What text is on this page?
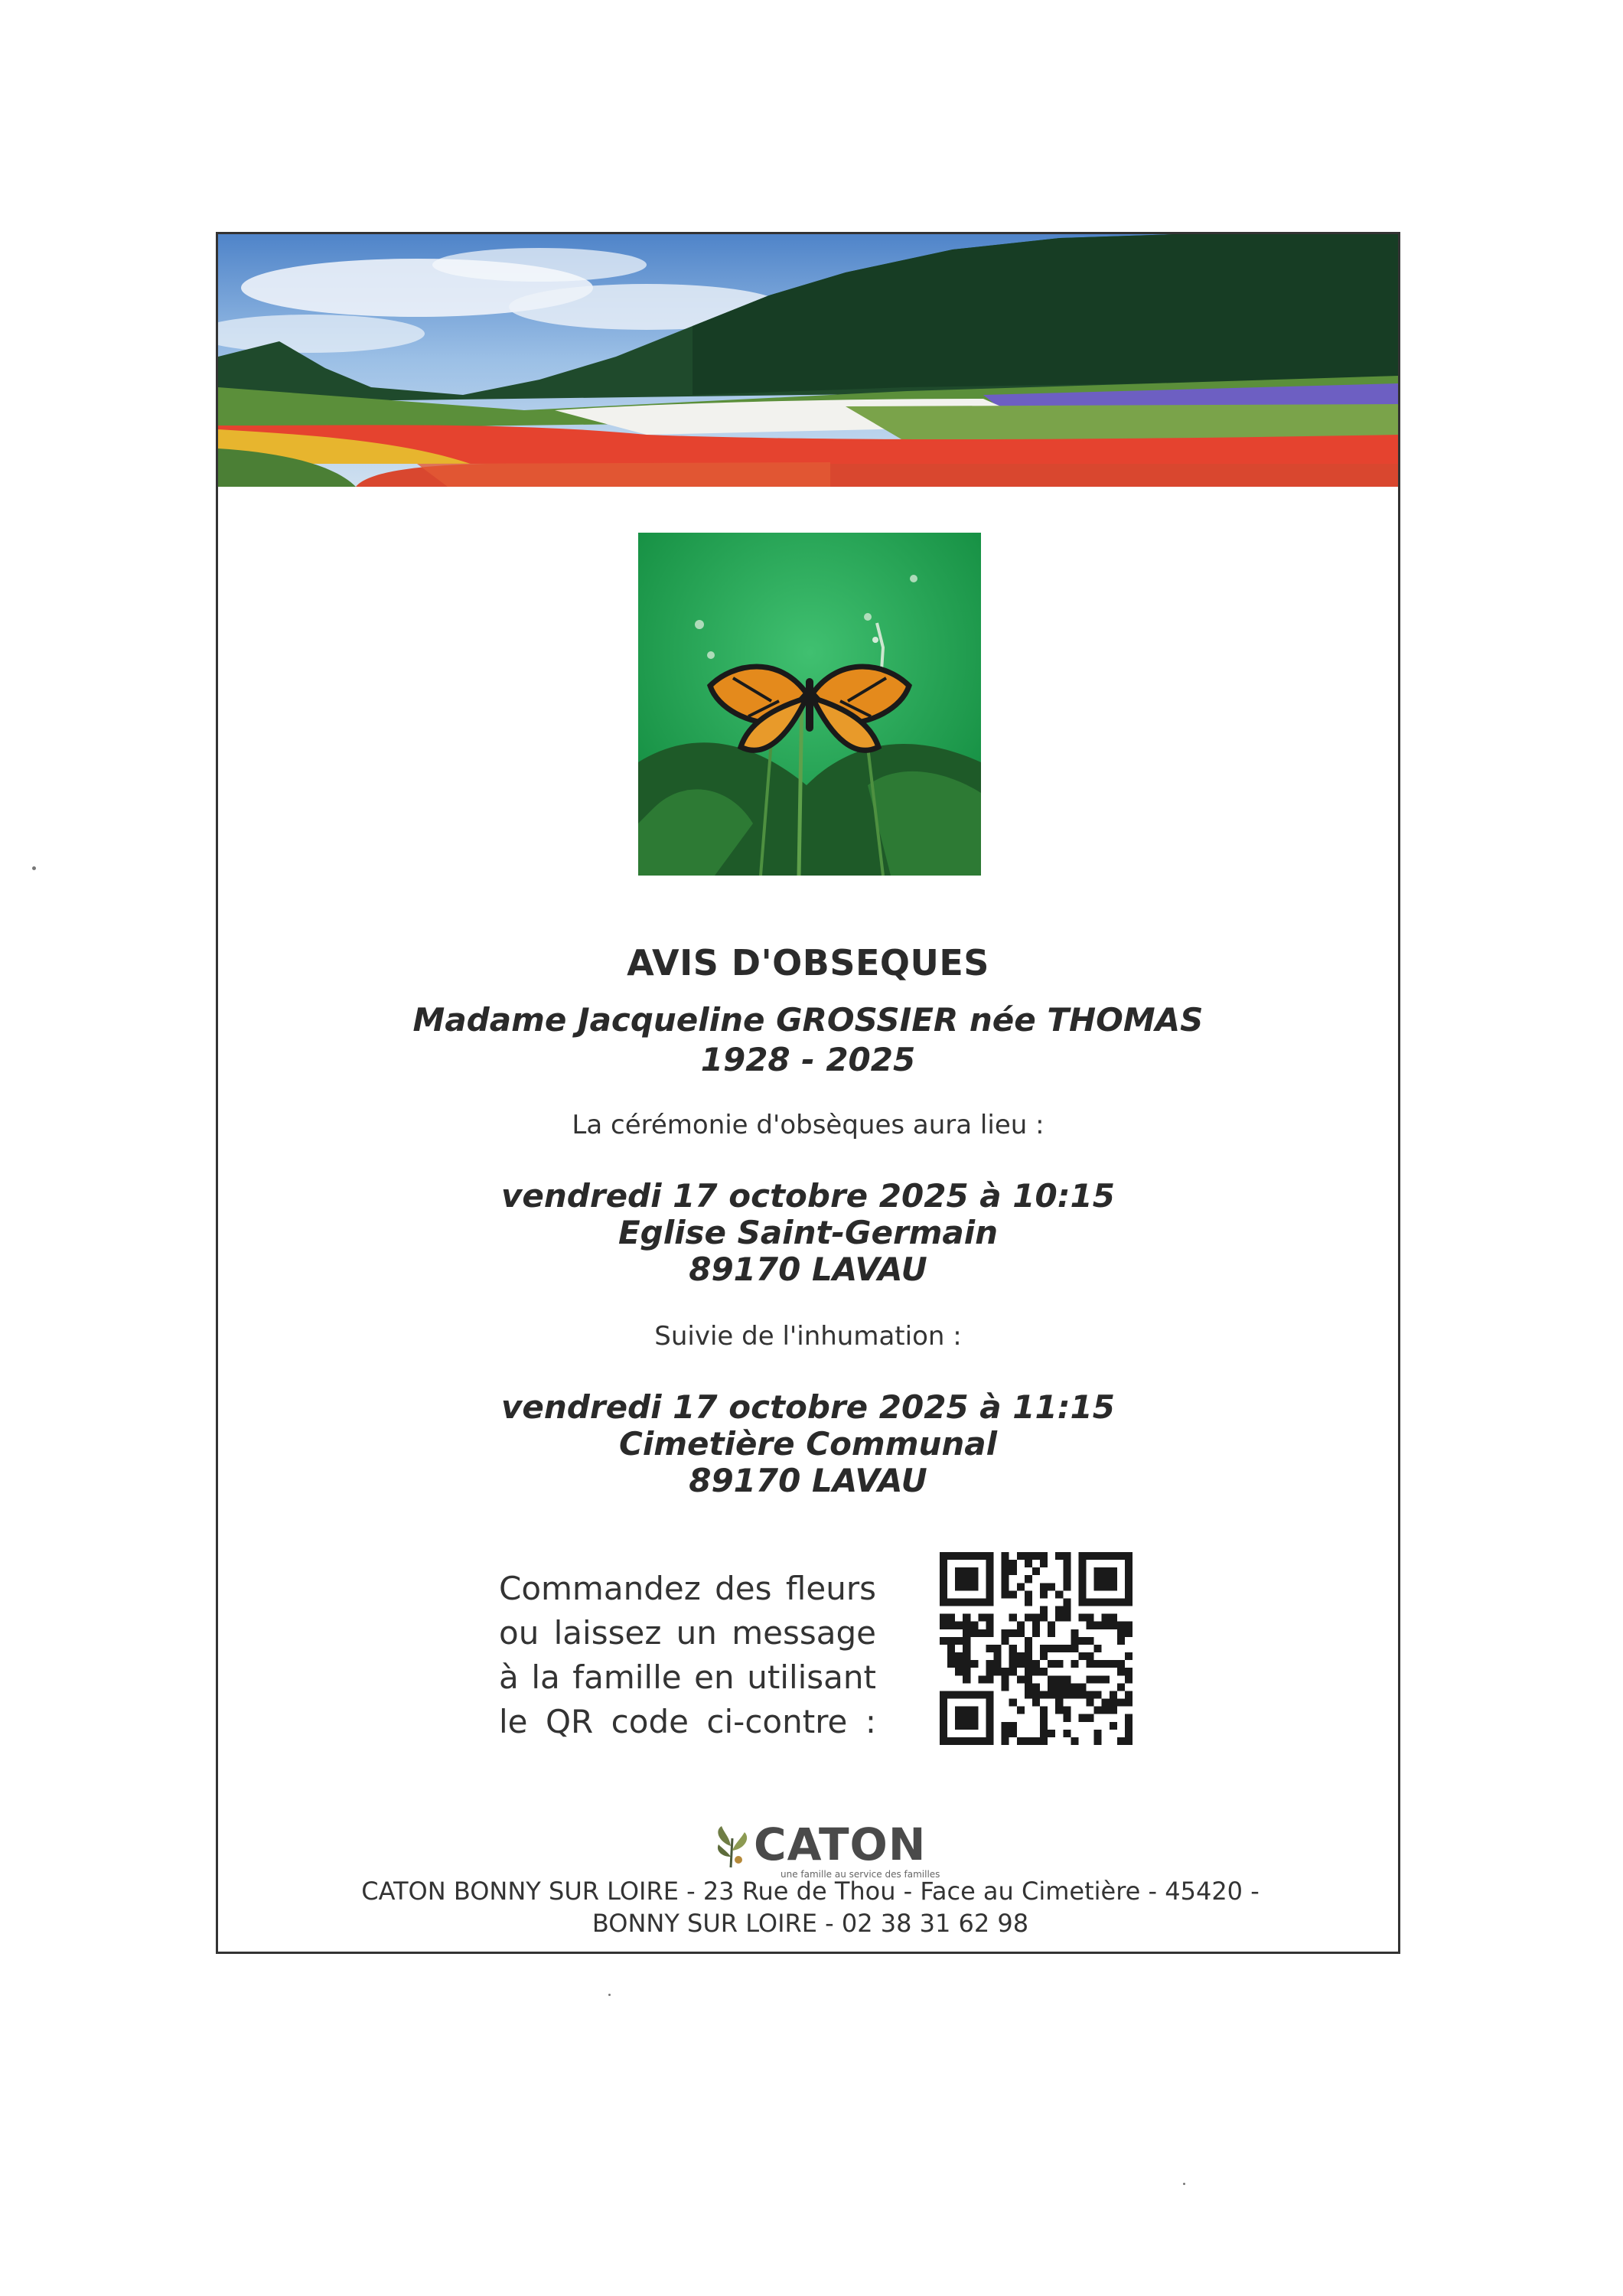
AVIS D'OBSEQUES
Madame Jacqueline GROSSIER née THOMAS
1928 - 2025
La cérémonie d'obsèques aura lieu :
vendredi 17 octobre 2025 à 10:15
Eglise Saint-Germain
89170 LAVAU
Suivie de l'inhumation :
vendredi 17 octobre 2025 à 11:15
Cimetière Communal
89170 LAVAU
Commandez des fleurs
ou laissez un message
à la famille en utilisant
le QR code ci-contre :
CATON
une famille au service des familles
CATON BONNY SUR LOIRE - 23 Rue de Thou - Face au Cimetière - 45420 - BONNY SUR LOIRE - 02 38 31 62 98
